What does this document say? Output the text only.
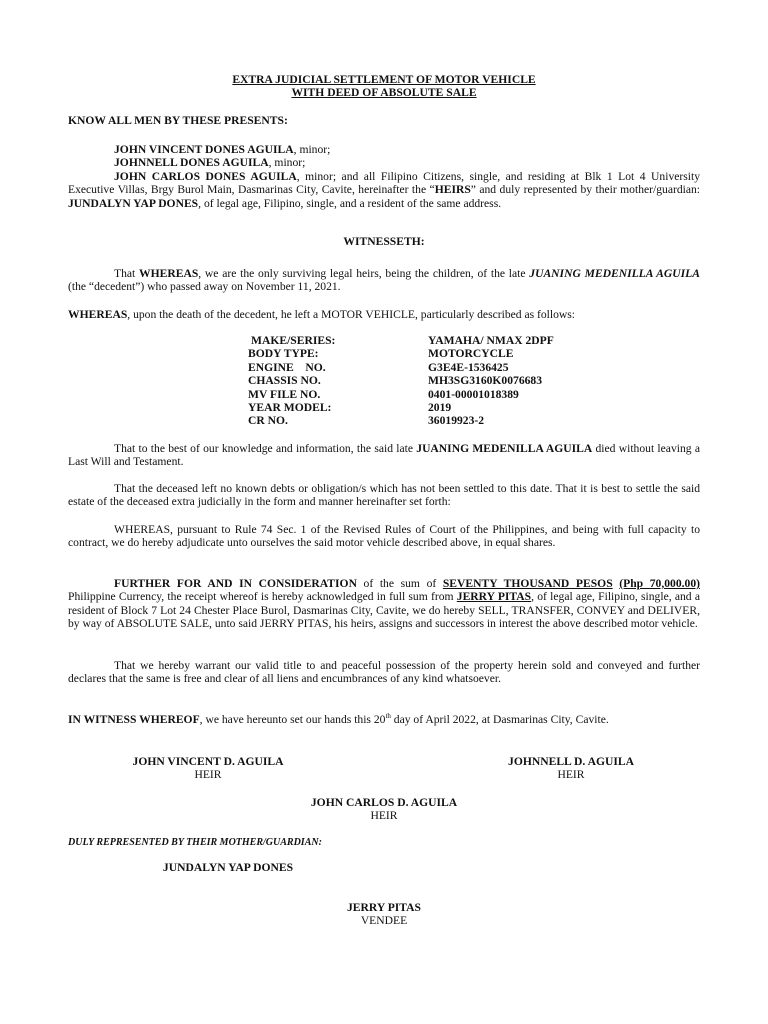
EXTRA JUDICIAL SETTLEMENT OF MOTOR VEHICLE
WITH DEED OF ABSOLUTE SALE

KNOW ALL MEN BY THESE PRESENTS:

JOHN VINCENT DONES AGUILA, minor;

JOHNNELL DONES AGUILA, minor;

JOHN CARLOS DONES AGUILA, minor; and all Filipino Citizens, single, and residing at Blk 1 Lot 4 University Executive Villas, Brgy Burol Main, Dasmarinas City, Cavite, hereinafter the “HEIRS” and duly represented by their mother/guardian: JUNDALYN YAP DONES, of legal age, Filipino, single, and a resident of the same address.

WITNESSETH:

That WHEREAS, we are the only surviving legal heirs, being the children, of the late JUANING MEDENILLA AGUILA (the “decedent”) who passed away on November 11, 2021.

WHEREAS, upon the death of the decedent, he left a MOTOR VEHICLE, particularly described as follows:

MAKE/SERIES:	YAMAHA/ NMAX 2DPF
BODY TYPE:	MOTORCYCLE
ENGINE    NO.	G3E4E-1536425
CHASSIS NO.	MH3SG3160K0076683
MV FILE NO.	0401-00001018389
YEAR MODEL:	2019
CR NO.	36019923-2

That to the best of our knowledge and information, the said late JUANING MEDENILLA AGUILA died without leaving a Last Will and Testament.

That the deceased left no known debts or obligation/s which has not been settled to this date. That it is best to settle the said estate of the deceased extra judicially in the form and manner hereinafter set forth:

WHEREAS, pursuant to Rule 74 Sec. 1 of the Revised Rules of Court of the Philippines, and being with full capacity to contract, we do hereby adjudicate unto ourselves the said motor vehicle described above, in equal shares.

FURTHER FOR AND IN CONSIDERATION of the sum of SEVENTY THOUSAND PESOS (Php 70,000.00) Philippine Currency, the receipt whereof is hereby acknowledged in full sum from JERRY PITAS, of legal age, Filipino, single, and a resident of Block 7 Lot 24 Chester Place Burol, Dasmarinas City, Cavite, we do hereby SELL, TRANSFER, CONVEY and DELIVER, by way of ABSOLUTE SALE, unto said JERRY PITAS, his heirs, assigns and successors in interest the above described motor vehicle.

That we hereby warrant our valid title to and peaceful possession of the property herein sold and conveyed and further declares that the same is free and clear of all liens and encumbrances of any kind whatsoever.

IN WITNESS WHEREOF, we have hereunto set our hands this 20th day of April 2022, at Dasmarinas City, Cavite.

JOHN VINCENT D. AGUILA
HEIR
JOHNNELL D. AGUILA
HEIR
JOHN CARLOS D. AGUILA
HEIR

DULY REPRESENTED BY THEIR MOTHER/GUARDIAN:

JUNDALYN YAP DONES
JERRY PITAS
VENDEE
